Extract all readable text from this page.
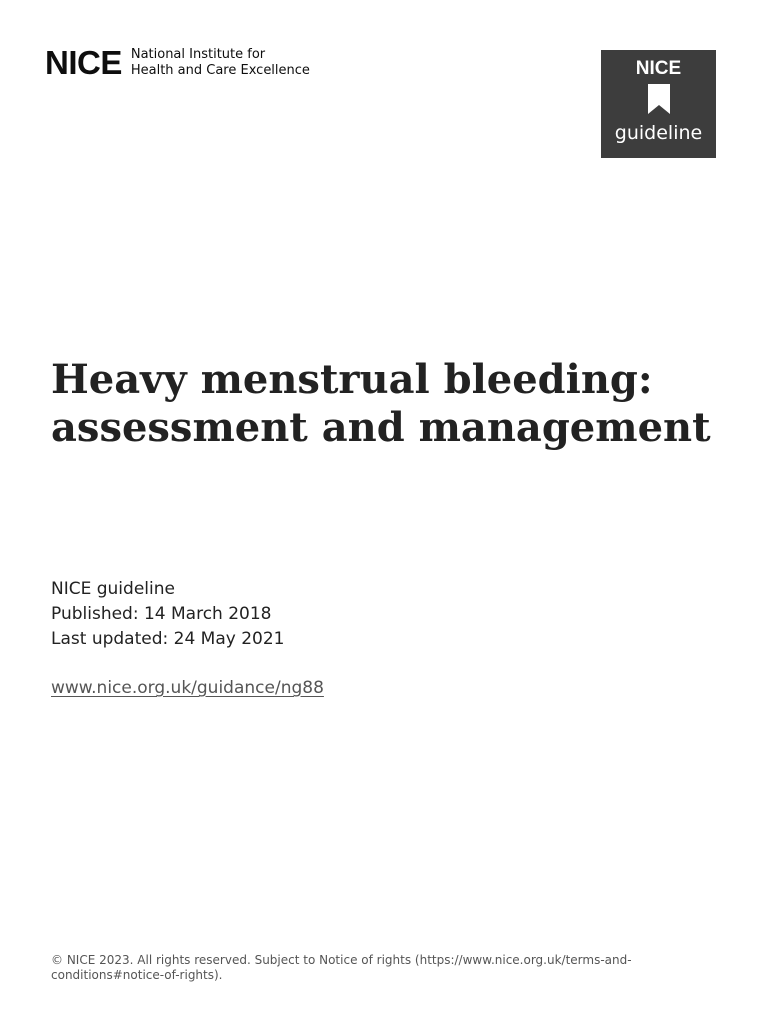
NICE National Institute for
Health and Care Excellence	NICE
guideline
Heavy menstrual bleeding: assessment and management
NICE guideline
Published: 14 March 2018
Last updated: 24 May 2021
www.nice.org.uk/guidance/ng88
© NICE 2023. All rights reserved. Subject to Notice of rights (https://www.nice.org.uk/terms-and-conditions#notice-of-rights).
